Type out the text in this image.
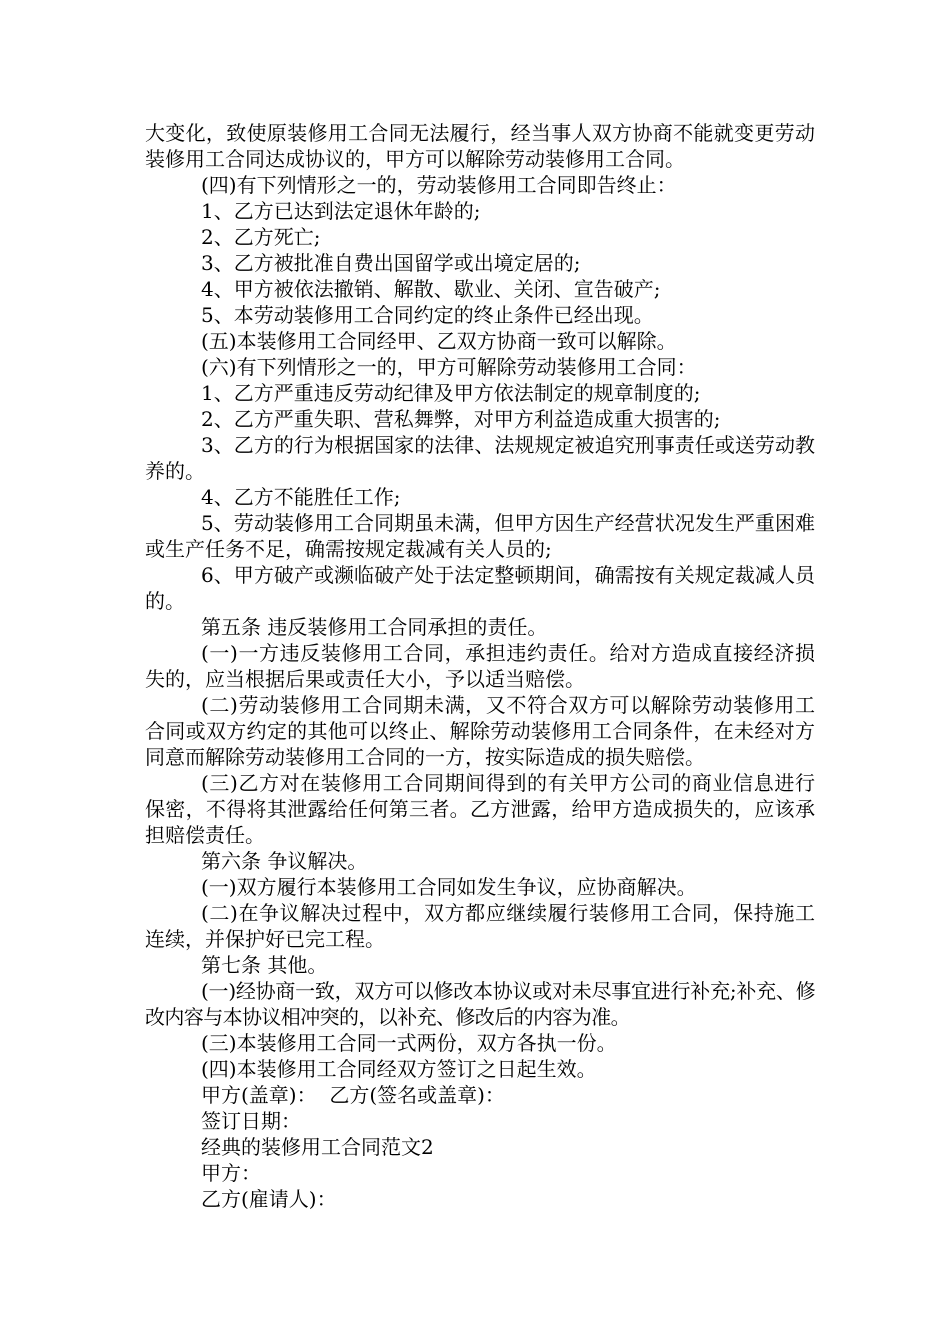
大变化，致使原装修用工合同无法履行，经当事人双方协商不能就变更劳动装修用工合同达成协议的，甲方可以解除劳动装修用工合同。

(四)有下列情形之一的，劳动装修用工合同即告终止：

1、乙方已达到法定退休年龄的;

2、乙方死亡;

3、乙方被批准自费出国留学或出境定居的;

4、甲方被依法撤销、解散、歇业、关闭、宣告破产;

5、本劳动装修用工合同约定的终止条件已经出现。

(五)本装修用工合同经甲、乙双方协商一致可以解除。

(六)有下列情形之一的，甲方可解除劳动装修用工合同：

1、乙方严重违反劳动纪律及甲方依法制定的规章制度的;

2、乙方严重失职、营私舞弊，对甲方利益造成重大损害的;

3、乙方的行为根据国家的法律、法规规定被追究刑事责任或送劳动教养的。

4、乙方不能胜任工作;

5、劳动装修用工合同期虽未满，但甲方因生产经营状况发生严重困难或生产任务不足，确需按规定裁减有关人员的;

6、甲方破产或濒临破产处于法定整顿期间，确需按有关规定裁减人员的。

第五条 违反装修用工合同承担的责任。

(一)一方违反装修用工合同，承担违约责任。给对方造成直接经济损失的，应当根据后果或责任大小，予以适当赔偿。

(二)劳动装修用工合同期未满，又不符合双方可以解除劳动装修用工合同或双方约定的其他可以终止、解除劳动装修用工合同条件，在未经对方同意而解除劳动装修用工合同的一方，按实际造成的损失赔偿。

(三)乙方对在装修用工合同期间得到的有关甲方公司的商业信息进行保密，不得将其泄露给任何第三者。乙方泄露，给甲方造成损失的，应该承担赔偿责任。

第六条 争议解决。

(一)双方履行本装修用工合同如发生争议，应协商解决。

(二)在争议解决过程中，双方都应继续履行装修用工合同，保持施工连续，并保护好已完工程。

第七条 其他。

(一)经协商一致，双方可以修改本协议或对未尽事宜进行补充;补充、修改内容与本协议相冲突的，以补充、修改后的内容为准。

(三)本装修用工合同一式两份，双方各执一份。

(四)本装修用工合同经双方签订之日起生效。

甲方(盖章)：  乙方(签名或盖章)：

签订日期：

经典的装修用工合同范文2

甲方：

乙方(雇请人)：
